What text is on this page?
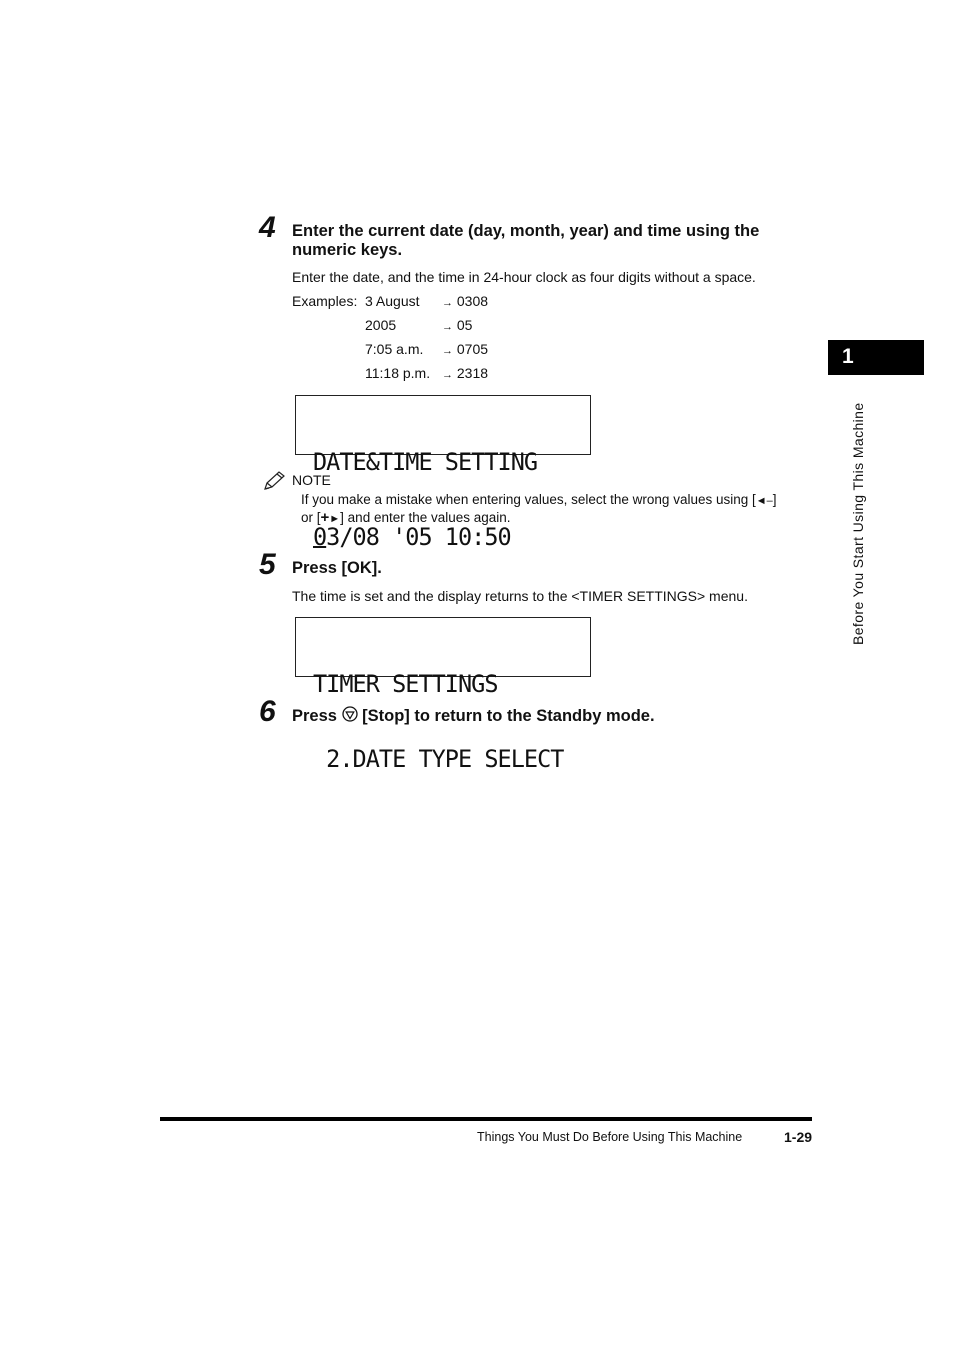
4 Enter the current date (day, month, year) and time using the
numeric keys.
Enter the date, and the time in 24-hour clock as four digits without a space.
Examples: 3 August → 0308
2005	→ 05
7:05 a.m. → 0705
11:18 p.m. → 2318

DATE&TIME SETTING

03/08 '05 10:50

NOTE
If you make a mistake when entering values, select the wrong values using [◄‒]
or [+►] and enter the values again.
5 Press [OK].
The time is set and the display returns to the <TIMER SETTINGS> menu.

TIMER SETTINGS

2.DATE TYPE SELECT

6 Press [Stop] to return to the Standby mode.
1
Before You Start Using This Machine
Things You Must Do Before Using This Machine	1-29
